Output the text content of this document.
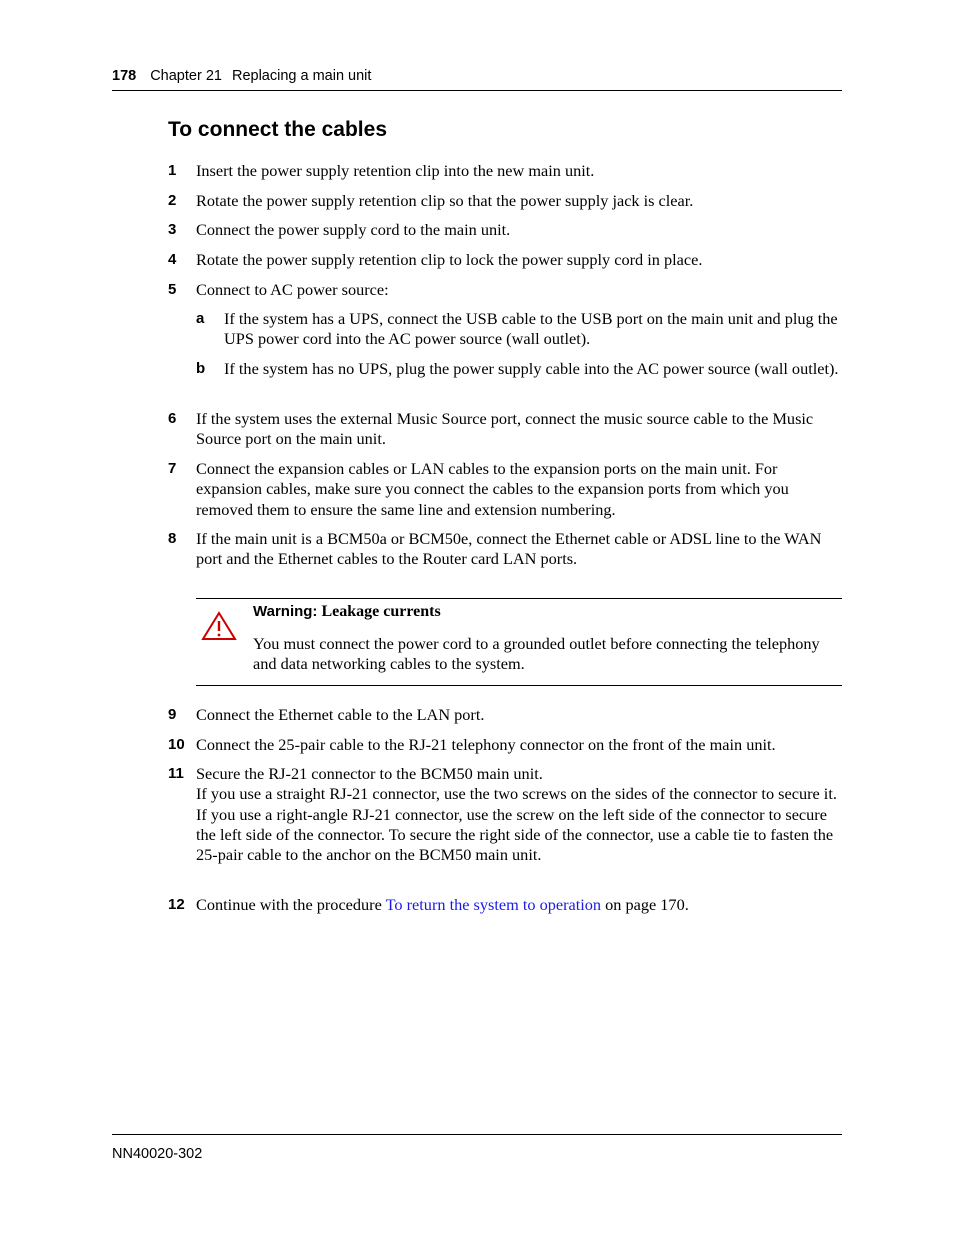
178 Chapter 21 Replacing a main unit
To connect the cables
1 Insert the power supply retention clip into the new main unit.
2 Rotate the power supply retention clip so that the power supply jack is clear.
3 Connect the power supply cord to the main unit.
4 Rotate the power supply retention clip to lock the power supply cord in place.
5 Connect to AC power source:
a If the system has a UPS, connect the USB cable to the USB port on the main unit and plug the UPS power cord into the AC power source (wall outlet).
b If the system has no UPS, plug the power supply cable into the AC power source (wall outlet).
6 If the system uses the external Music Source port, connect the music source cable to the Music Source port on the main unit.
7 Connect the expansion cables or LAN cables to the expansion ports on the main unit. For expansion cables, make sure you connect the cables to the expansion ports from which you removed them to ensure the same line and extension numbering.
8 If the main unit is a BCM50a or BCM50e, connect the Ethernet cable or ADSL line to the WAN port and the Ethernet cables to the Router card LAN ports.
Warning: Leakage currents
You must connect the power cord to a grounded outlet before connecting the telephony and data networking cables to the system.
9 Connect the Ethernet cable to the LAN port.
10 Connect the 25-pair cable to the RJ-21 telephony connector on the front of the main unit.
11 Secure the RJ-21 connector to the BCM50 main unit.
If you use a straight RJ-21 connector, use the two screws on the sides of the connector to secure it.
If you use a right-angle RJ-21 connector, use the screw on the left side of the connector to secure the left side of the connector. To secure the right side of the connector, use a cable tie to fasten the 25-pair cable to the anchor on the BCM50 main unit.
12 Continue with the procedure To return the system to operation on page 170.
NN40020-302
